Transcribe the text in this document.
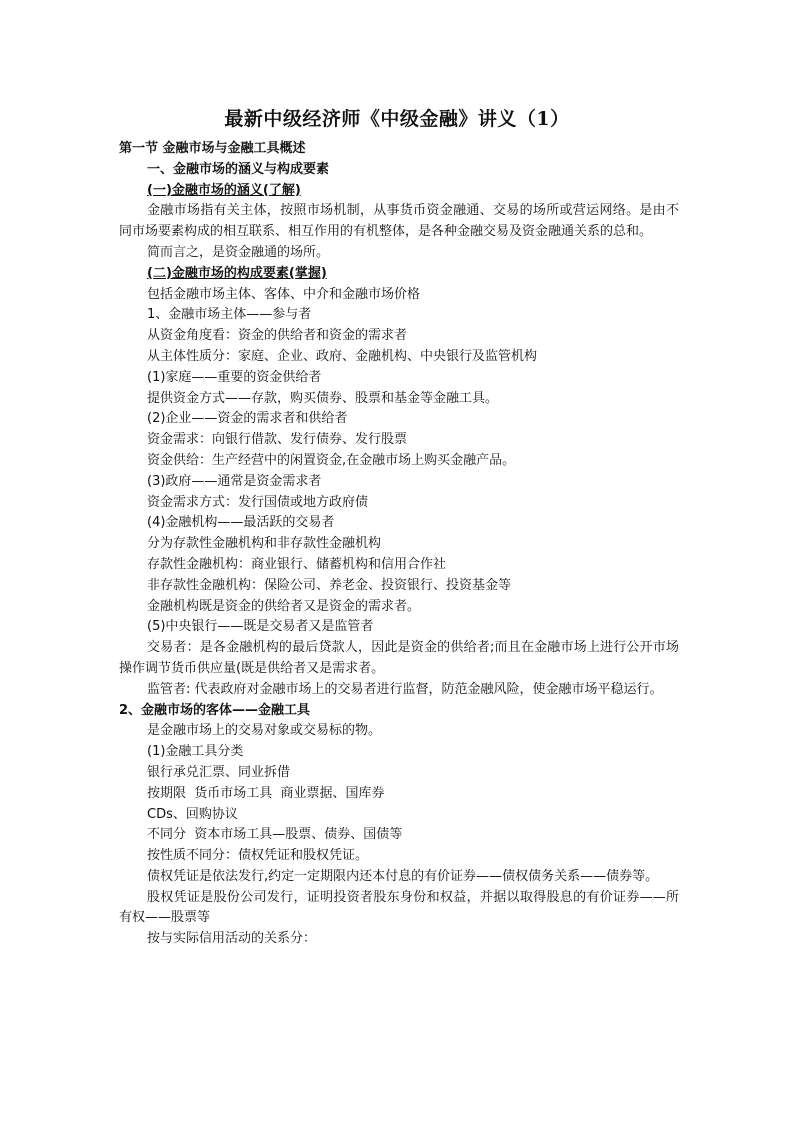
最新中级经济师《中级金融》讲义（1）

第一节 金融市场与金融工具概述

一、金融市场的涵义与构成要素

(一)金融市场的涵义(了解)

金融市场指有关主体，按照市场机制，从事货币资金融通、交易的场所或营运网络。是由不同市场要素构成的相互联系、相互作用的有机整体，是各种金融交易及资金融通关系的总和。

简而言之，是资金融通的场所。

(二)金融市场的构成要素(掌握)

包括金融市场主体、客体、中介和金融市场价格

1、金融市场主体——参与者

从资金角度看：资金的供给者和资金的需求者

从主体性质分：家庭、企业、政府、金融机构、中央银行及监管机构

(1)家庭——重要的资金供给者

提供资金方式——存款，购买债券、股票和基金等金融工具。

(2)企业——资金的需求者和供给者

资金需求：向银行借款、发行债券、发行股票

资金供给：生产经营中的闲置资金,在金融市场上购买金融产品。

(3)政府——通常是资金需求者

资金需求方式：发行国债或地方政府债

(4)金融机构——最活跃的交易者

分为存款性金融机构和非存款性金融机构

存款性金融机构：商业银行、储蓄机构和信用合作社

非存款性金融机构：保险公司、养老金、投资银行、投资基金等

金融机构既是资金的供给者又是资金的需求者。

(5)中央银行——既是交易者又是监管者

交易者：是各金融机构的最后贷款人，因此是资金的供给者;而且在金融市场上进行公开市场操作调节货币供应量(既是供给者又是需求者。

监管者: 代表政府对金融市场上的交易者进行监督，防范金融风险，使金融市场平稳运行。

2、金融市场的客体——金融工具

是金融市场上的交易对象或交易标的物。

(1)金融工具分类

银行承兑汇票、同业拆借

按期限  货币市场工具  商业票据、国库券

CDs、回购协议

不同分  资本市场工具—股票、债券、国债等

按性质不同分：债权凭证和股权凭证。

债权凭证是依法发行,约定一定期限内还本付息的有价证券——债权债务关系——债券等。

股权凭证是股份公司发行，证明投资者股东身份和权益，并据以取得股息的有价证券——所有权——股票等

按与实际信用活动的关系分：
